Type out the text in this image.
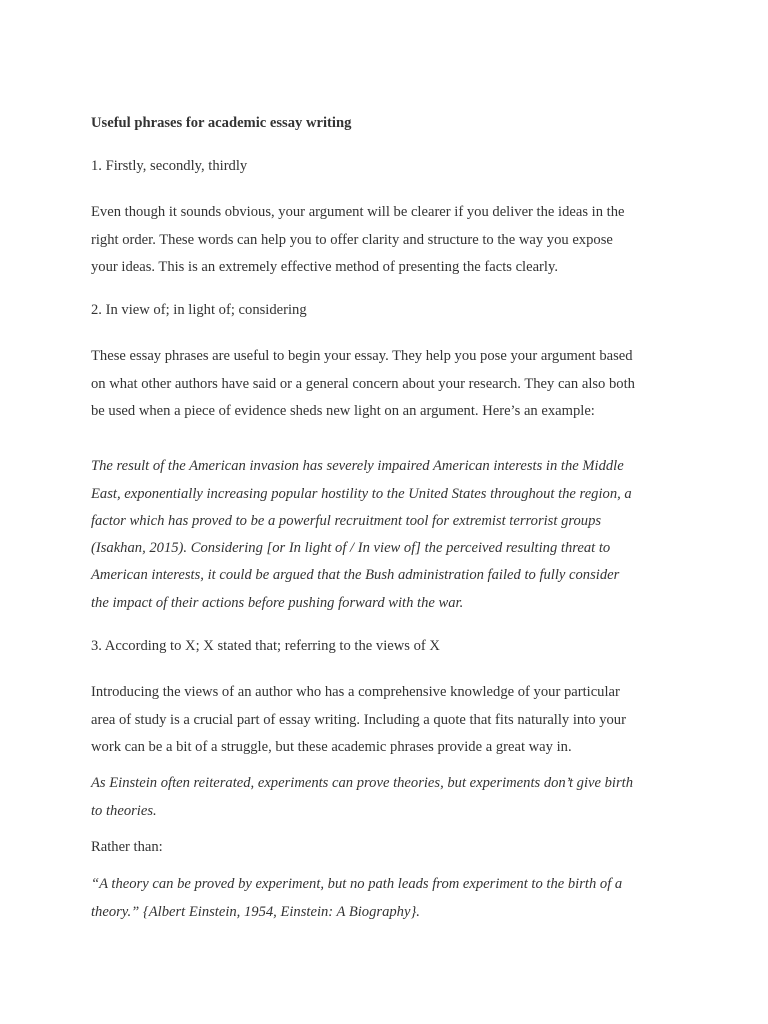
Useful phrases for academic essay writing
1. Firstly, secondly, thirdly
Even though it sounds obvious, your argument will be clearer if you deliver the ideas in the
right order. These words can help you to offer clarity and structure to the way you expose
your ideas. This is an extremely effective method of presenting the facts clearly.
2. In view of; in light of; considering
These essay phrases are useful to begin your essay. They help you pose your argument based
on what other authors have said or a general concern about your research. They can also both
be used when a piece of evidence sheds new light on an argument. Here’s an example:
The result of the American invasion has severely impaired American interests in the Middle
East, exponentially increasing popular hostility to the United States throughout the region, a
factor which has proved to be a powerful recruitment tool for extremist terrorist groups
(Isakhan, 2015). Considering [or In light of / In view of] the perceived resulting threat to
American interests, it could be argued that the Bush administration failed to fully consider
the impact of their actions before pushing forward with the war.
3. According to X; X stated that; referring to the views of X
Introducing the views of an author who has a comprehensive knowledge of your particular
area of study is a crucial part of essay writing. Including a quote that fits naturally into your
work can be a bit of a struggle, but these academic phrases provide a great way in.
As Einstein often reiterated, experiments can prove theories, but experiments don’t give birth
to theories.
Rather than:
“A theory can be proved by experiment, but no path leads from experiment to the birth of a
theory.” {Albert Einstein, 1954, Einstein: A Biography}.
